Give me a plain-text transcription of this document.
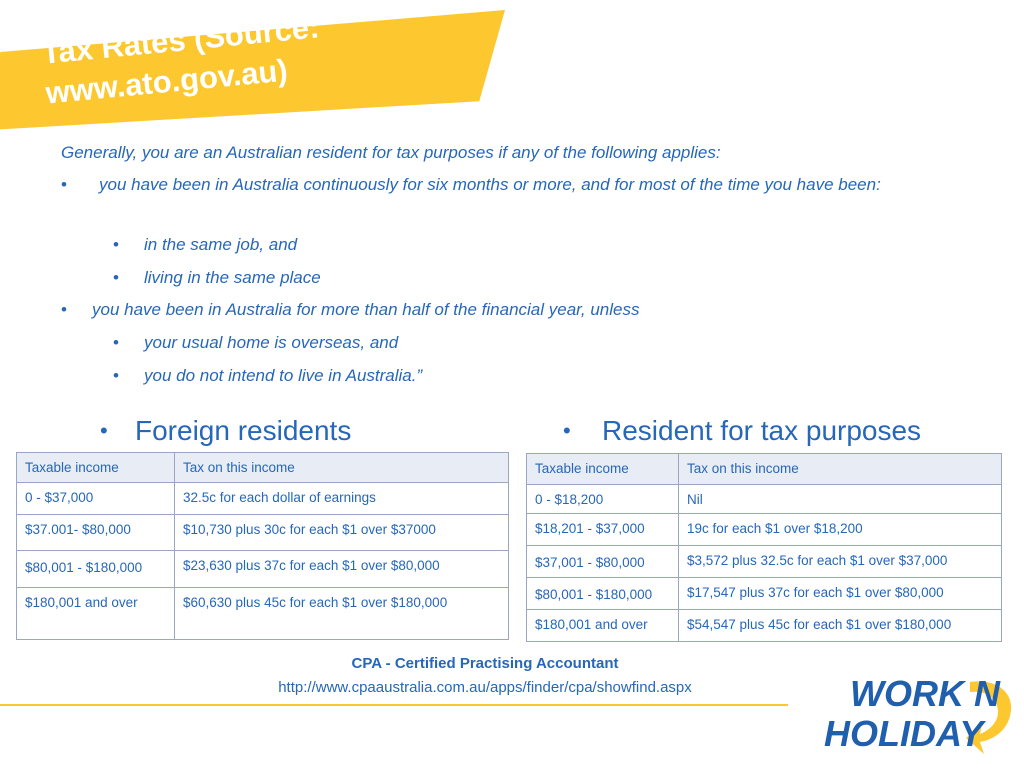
Tax Rates (Source: www.ato.gov.au)
Generally, you are an Australian resident for tax purposes if any of the following applies:
•	you have been in Australia continuously for six months or more, and for most of the time you have been:
•	in the same job, and
•	living in the same place
•	you have been in Australia for more than half of the financial year, unless
•	your usual home is overseas, and
•	you do not intend to live in Australia.”
• Foreign residents	• Resident for tax purposes
Taxable income	Tax on this income
0 - $37,000	32.5c for each dollar of earnings
$37.001- $80,000	$10,730 plus 30c for each $1 over $37000
$80,001 - $180,000	$23,630 plus 37c for each $1 over $80,000
$180,001 and over	$60,630 plus 45c for each $1 over $180,000
Taxable income	Tax on this income
0 - $18,200	Nil
$18,201 - $37,000	19c for each $1 over $18,200
$37,001 - $80,000	$3,572 plus 32.5c for each $1 over $37,000
$80,001 - $180,000	$17,547 plus 37c for each $1 over $80,000
$180,001 and over	$54,547 plus 45c for each $1 over $180,000
CPA - Certified Practising Accountant
http://www.cpaaustralia.com.au/apps/finder/cpa/showfind.aspx	WORK N
HOLIDAY
